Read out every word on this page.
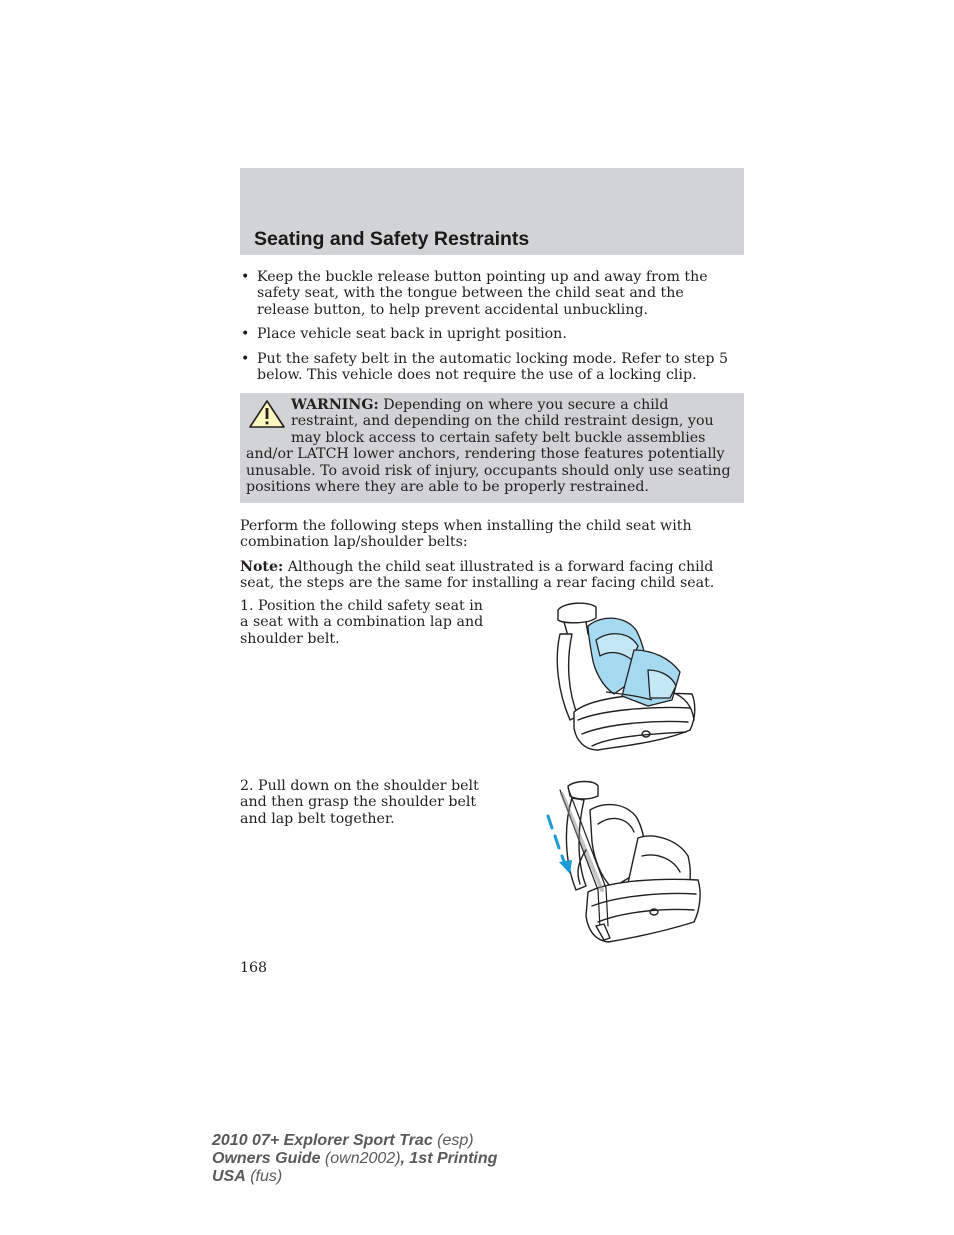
Seating and Safety Restraints
• Keep the buckle release button pointing up and away from the safety seat, with the tongue between the child seat and the release button, to help prevent accidental unbuckling.
• Place vehicle seat back in upright position.
• Put the safety belt in the automatic locking mode. Refer to step 5 below. This vehicle does not require the use of a locking clip.
WARNING: Depending on where you secure a child restraint, and depending on the child restraint design, you may block access to certain safety belt buckle assemblies and/or LATCH lower anchors, rendering those features potentially unusable. To avoid risk of injury, occupants should only use seating positions where they are able to be properly restrained.

Perform the following steps when installing the child seat with combination lap/shoulder belts:

Note: Although the child seat illustrated is a forward facing child seat, the steps are the same for installing a rear facing child seat.

1. Position the child safety seat in a seat with a combination lap and shoulder belt.

2. Pull down on the shoulder belt and then grasp the shoulder belt and lap belt together.

168

2010 07+ Explorer Sport Trac (esp)
Owners Guide (own2002), 1st Printing
USA (fus)
